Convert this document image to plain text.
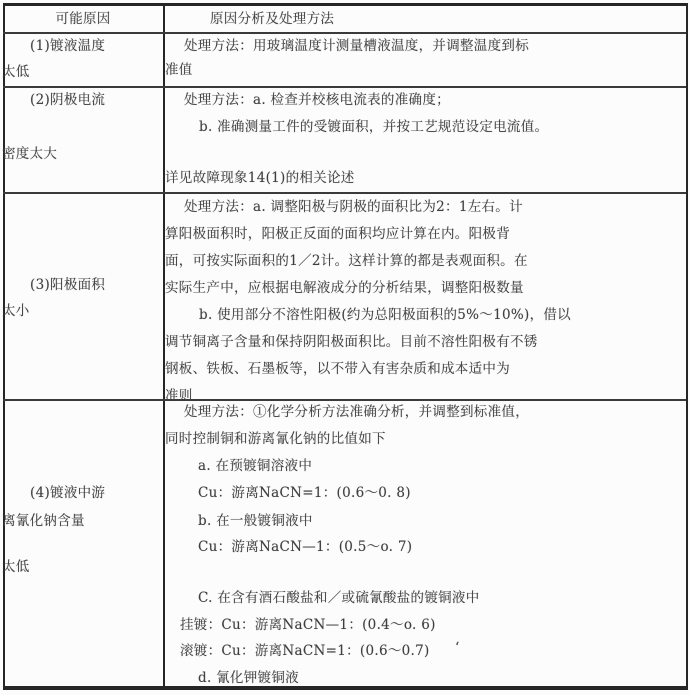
可能原因	原因分析及处理方法
(1)镀液温度
太低
处理方法：用玻璃温度计测量槽液温度，并调整温度到标
准值
(2)阴极电流
密度太大
处理方法：a. 检查并校核电流表的准确度；
b. 准确测量工件的受镀面积，并按工艺规范设定电流值。
详见故障现象14(1)的相关论述
(3)阳极面积
太小
处理方法：a. 调整阳极与阴极的面积比为2：1左右。计
算阳极面积时，阳极正反面的面积均应计算在内。阳极背
面，可按实际面积的1／2计。这样计算的都是表观面积。在
实际生产中，应根据电解液成分的分析结果，调整阳极数量
b. 使用部分不溶性阳极(约为总阳极面积的5%～10%)，借以
调节铜离子含量和保持阴阳极面积比。目前不溶性阳极有不锈
钢板、铁板、石墨板等，以不带入有害杂质和成本适中为
准则
(4)镀液中游
离氰化钠含量
太低
处理方法：①化学分析方法准确分析，并调整到标准值，
同时控制铜和游离氰化钠的比值如下
a. 在预镀铜溶液中
Cu：游离NaCN=1：(0.6～0. 8)
b. 在一般镀铜液中
Cu：游离NaCN—1：(0.5～o. 7)
C. 在含有酒石酸盐和／或硫氰酸盐的镀铜液中
挂镀：Cu：游离NaCN—1：(0.4～o. 6)
滚镀：Cu：游离NaCN=1：(0.6～0.7) ‘
d. 氰化钾镀铜液
